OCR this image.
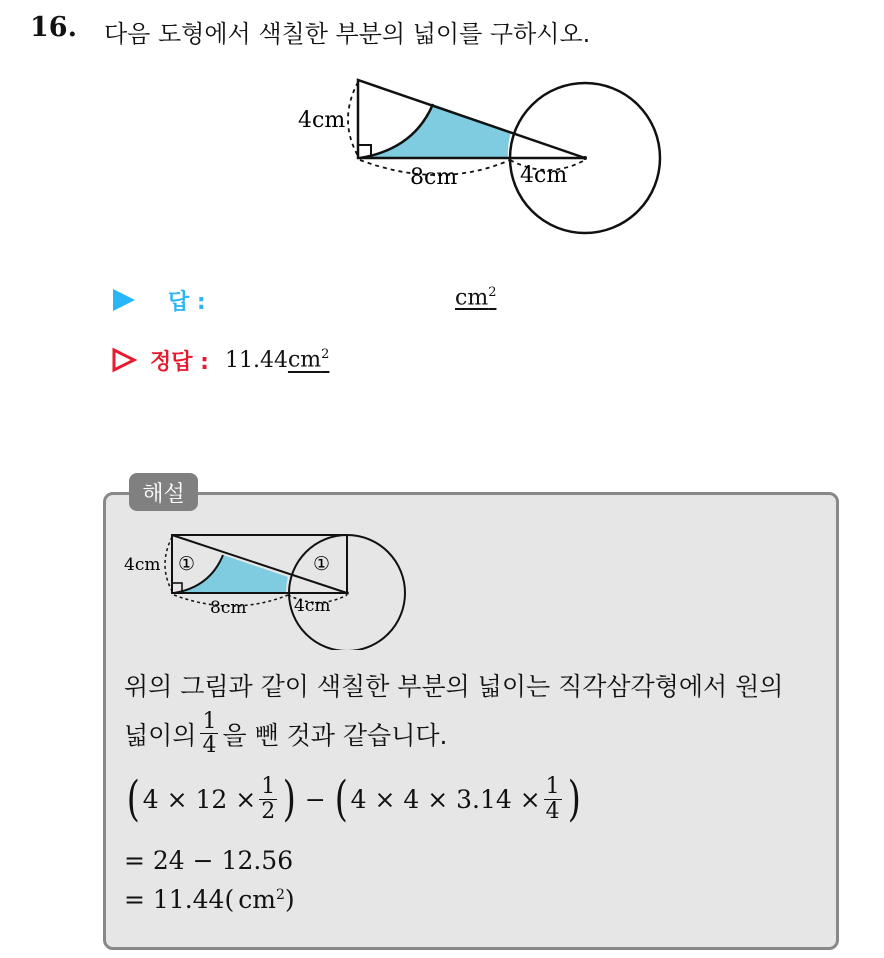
16. 다음 도형에서 색칠한 부분의 넓이를 구하시오.
4cm
8cm	4cm
답 :	$cm^2$
정답 : 11.44 $cm^2$
해설
4cm
8cm	4cm
①	①
위의 그림과 같이 색칠한 부분의 넓이는 직각삼각형에서 원의
넓이의 $\frac{1}{4}$ 을 뺀 것과 같습니다.
( $4 \times 12 \times \frac{1}{2}$ ) − ( $4 \times 4 \times 3.14 \times \frac{1}{4}$ )
= 24 − 12.56
= 11.44( cm 2 )
